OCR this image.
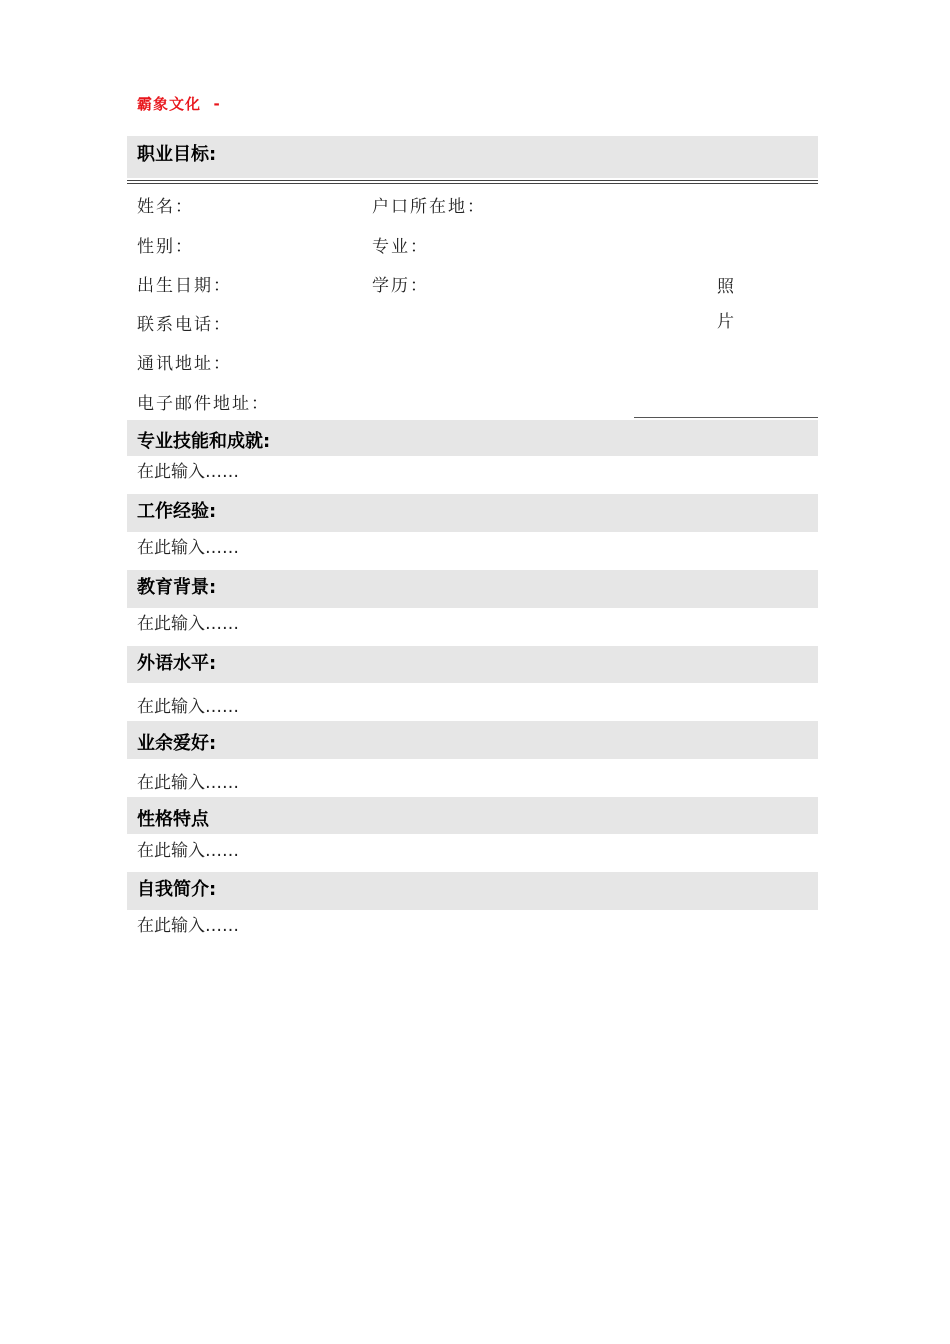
霸象文化  -
职业目标:
姓名：	户口所在地：
性别：	专业：
出生日期：	学历：
联系电话：
通讯地址：
电子邮件地址：
照
片
专业技能和成就:
在此输入……
工作经验:
在此输入……
教育背景:
在此输入……
外语水平:
在此输入……
业余爱好:
在此输入……
性格特点
在此输入……
自我简介:
在此输入……
